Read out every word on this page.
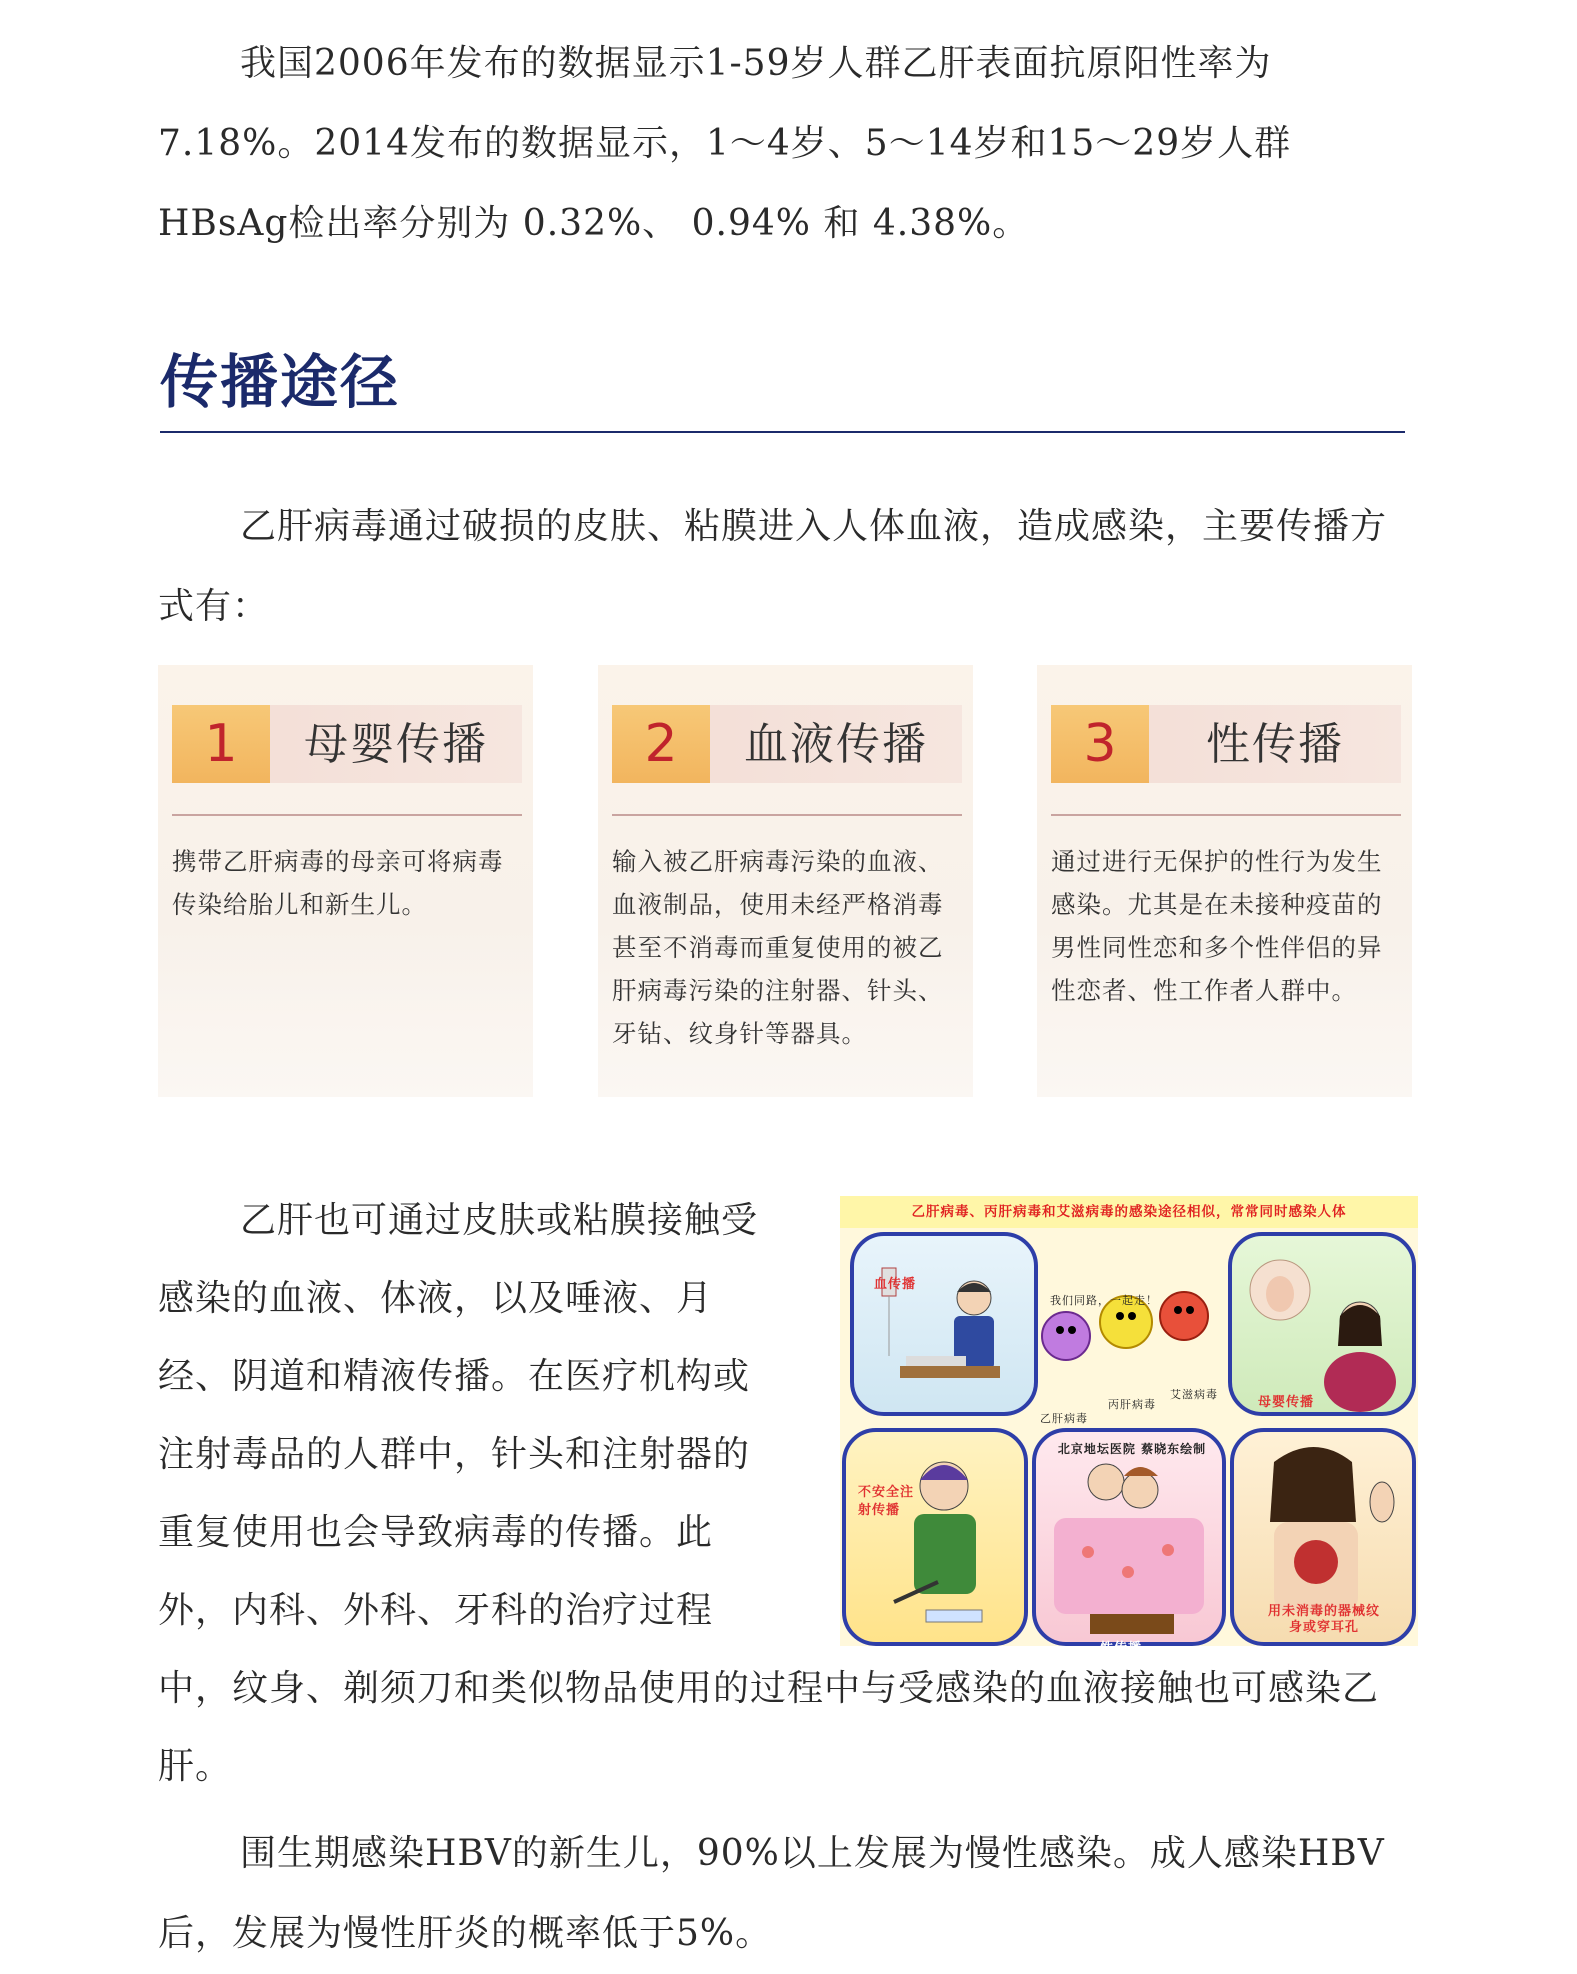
我国2006年发布的数据显示1-59岁人群乙肝表面抗原阳性率为7.18%。2014发布的数据显示，1～4岁、5～14岁和15～29岁人群HBsAg检出率分别为 0.32%、 0.94% 和 4.38%。

传播途径

乙肝病毒通过破损的皮肤、粘膜进入人体血液，造成感染，主要传播方式有：

1	母婴传播
携带乙肝病毒的母亲可将病毒传染给胎儿和新生儿。
2	血液传播
输入被乙肝病毒污染的血液、血液制品，使用未经严格消毒甚至不消毒而重复使用的被乙肝病毒污染的注射器、针头、牙钻、纹身针等器具。
3	性传播
通过进行无保护的性行为发生感染。尤其是在未接种疫苗的男性同性恋和多个性伴侣的异性恋者、性工作者人群中。

乙肝病毒、丙肝病毒和艾滋病毒的感染途径相似，常常同时感染人体
血传播
母婴传播
不安全注射传播
性传播
用未消毒的器械纹身或穿耳孔
我们同路，一起走！
乙肝病毒
丙肝病毒
艾滋病毒
北京地坛医院 蔡晓东绘制
乙肝也可通过皮肤或粘膜接触受感染的血液、体液，以及唾液、月经、阴道和精液传播。在医疗机构或注射毒品的人群中，针头和注射器的重复使用也会导致病毒的传播。此外，内科、外科、牙科的治疗过程中，纹身、剃须刀和类似物品使用的过程中与受感染的血液接触也可感染乙肝。

围生期感染HBV的新生儿，90%以上发展为慢性感染。成人感染HBV后，发展为慢性肝炎的概率低于5%。
